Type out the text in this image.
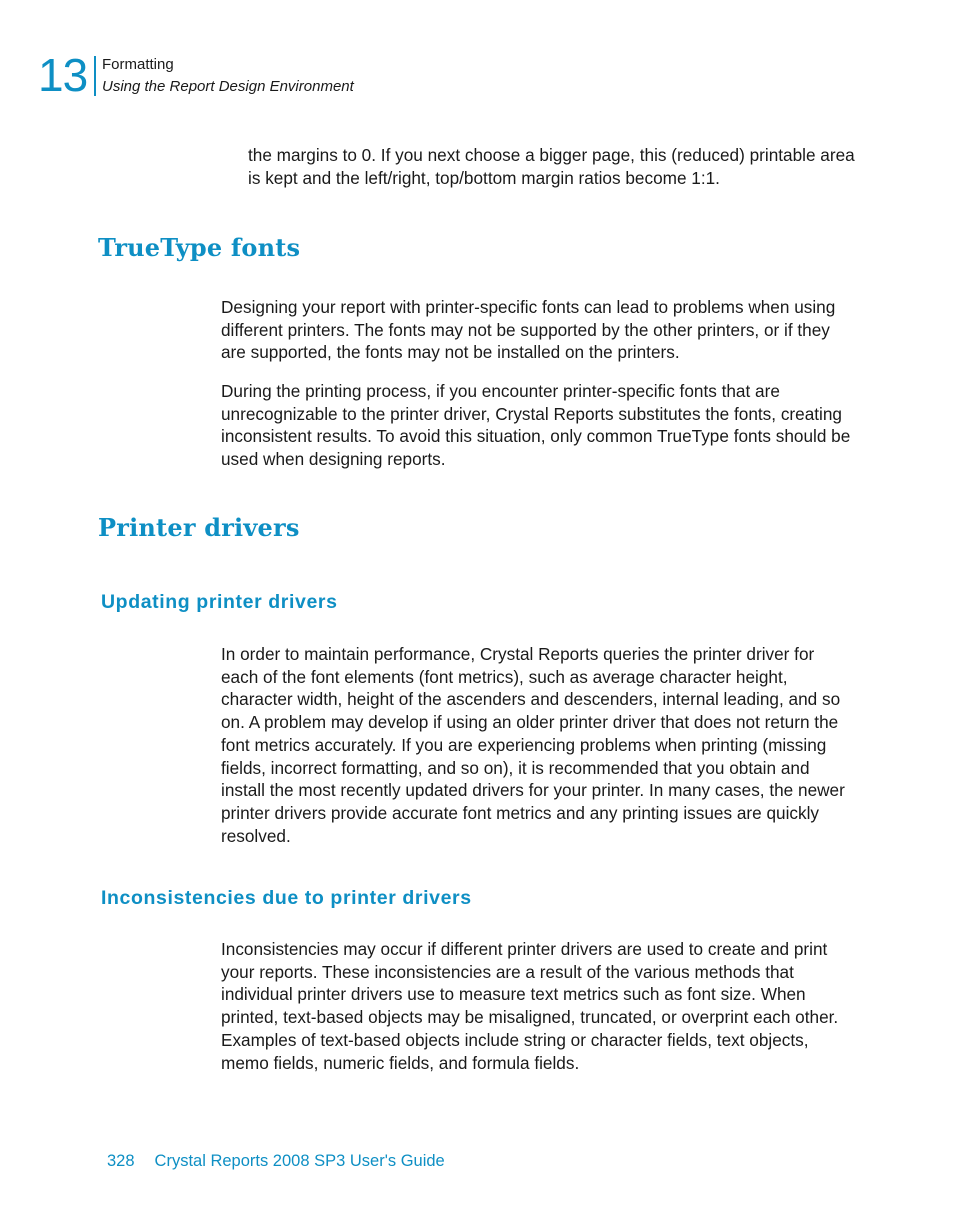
13 Formatting
Using the Report Design Environment

the margins to 0. If you next choose a bigger page, this (reduced) printable area is kept and the left/right, top/bottom margin ratios become 1:1.

TrueType fonts

Designing your report with printer-specific fonts can lead to problems when using different printers. The fonts may not be supported by the other printers, or if they are supported, the fonts may not be installed on the printers.

During the printing process, if you encounter printer-specific fonts that are unrecognizable to the printer driver, Crystal Reports substitutes the fonts, creating inconsistent results. To avoid this situation, only common TrueType fonts should be used when designing reports.

Printer drivers
Updating printer drivers

In order to maintain performance, Crystal Reports queries the printer driver for each of the font elements (font metrics), such as average character height, character width, height of the ascenders and descenders, internal leading, and so on. A problem may develop if using an older printer driver that does not return the font metrics accurately. If you are experiencing problems when printing (missing fields, incorrect formatting, and so on), it is recommended that you obtain and install the most recently updated drivers for your printer. In many cases, the newer printer drivers provide accurate font metrics and any printing issues are quickly resolved.

Inconsistencies due to printer drivers

Inconsistencies may occur if different printer drivers are used to create and print your reports. These inconsistencies are a result of the various methods that individual printer drivers use to measure text metrics such as font size. When printed, text-based objects may be misaligned, truncated, or overprint each other. Examples of text-based objects include string or character fields, text objects, memo fields, numeric fields, and formula fields.

328 Crystal Reports 2008 SP3 User's Guide
